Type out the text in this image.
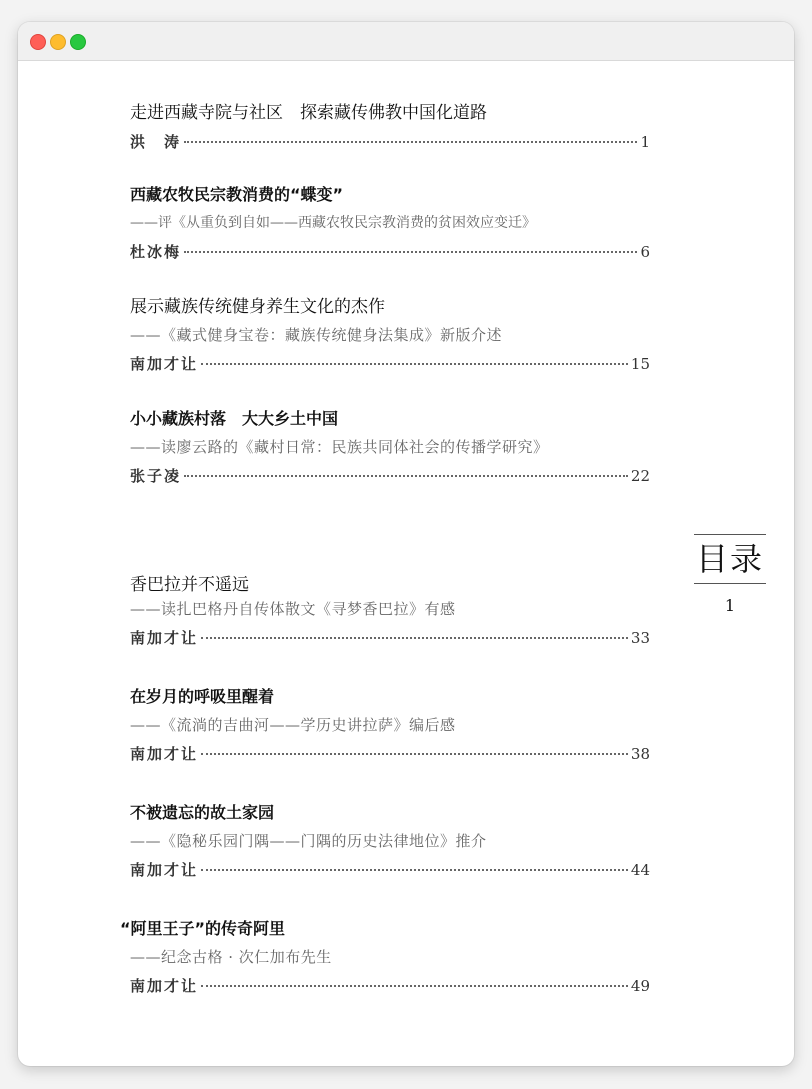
走进西藏寺院与社区　探索藏传佛教中国化道路
洪　涛	1
西藏农牧民宗教消费的“蝶变”
——评《从重负到自如——西藏农牧民宗教消费的贫困效应变迁》
杜冰梅	6
展示藏族传统健身养生文化的杰作
——《藏式健身宝卷：藏族传统健身法集成》新版介述
南加才让	15
小小藏族村落　大大乡土中国
——读廖云路的《藏村日常：民族共同体社会的传播学研究》
张子凌	22
香巴拉并不遥远
——读扎巴格丹自传体散文《寻梦香巴拉》有感
南加才让	33
在岁月的呼吸里醒着
——《流淌的吉曲河——学历史讲拉萨》编后感
南加才让	38
不被遗忘的故土家园
——《隐秘乐园门隅——门隅的历史法律地位》推介
南加才让	44
“阿里王子”的传奇阿里
——纪念古格 · 次仁加布先生
南加才让	49
目录
1
